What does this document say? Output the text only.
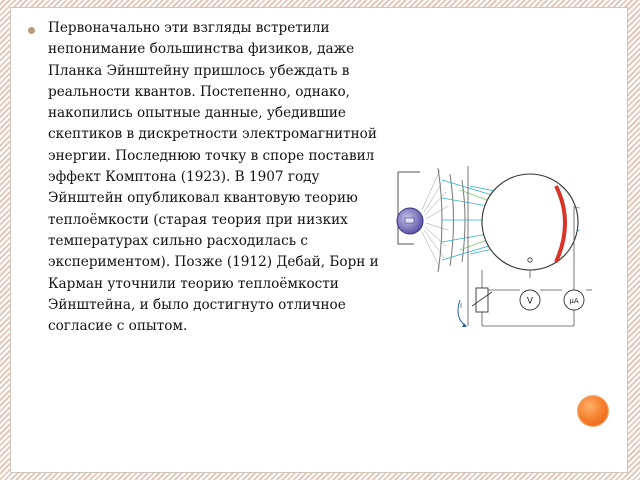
Первоначально эти взгляды встретили непонимание большинства физиков, даже Планка Эйнштейну пришлось убеждать в реальности квантов. Постепенно, однако, накопились опытные данные, убедившие скептиков в дискретности электромагнитной энергии. Последнюю точку в споре поставил эффект Комптона (1923). В 1907 году Эйнштейн опубликовал квантовую теорию теплоёмкости (старая теория при низких температурах сильно расходилась с экспериментом). Позже (1912) Дебай, Борн и Карман уточнили теорию теплоёмкости Эйнштейна, и было достигнуто отличное согласие с опытом.

V	μA
I
